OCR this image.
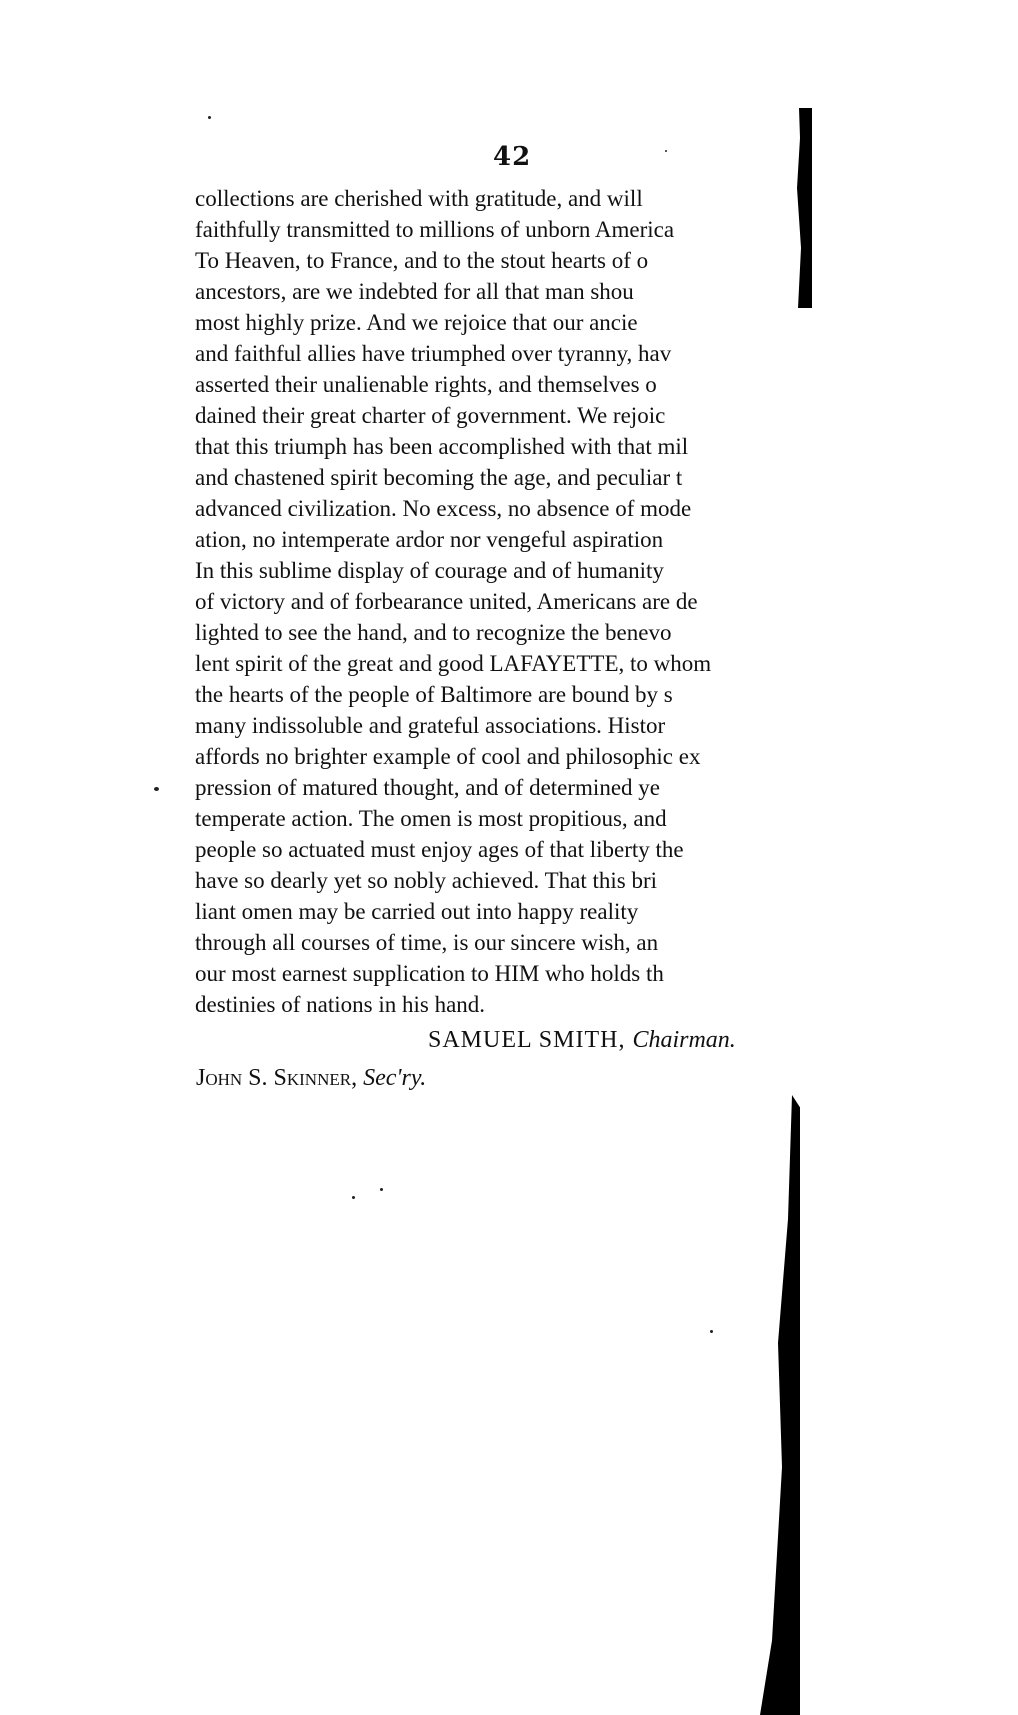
42
collections are cherished with gratitude, and will
faithfully transmitted to millions of unborn America
To Heaven, to France, and to the stout hearts of o
ancestors, are we indebted for all that man shou
most highly prize. And we rejoice that our ancie
and faithful allies have triumphed over tyranny, hav
asserted their unalienable rights, and themselves o
dained their great charter of government. We rejoic
that this triumph has been accomplished with that mil
and chastened spirit becoming the age, and peculiar t
advanced civilization. No excess, no absence of mode
ation, no intemperate ardor nor vengeful aspiration
In this sublime display of courage and of humanity
of victory and of forbearance united, Americans are de
lighted to see the hand, and to recognize the benevo
lent spirit of the great and good LAFAYETTE, to whom
the hearts of the people of Baltimore are bound by s
many indissoluble and grateful associations. Histor
affords no brighter example of cool and philosophic ex
pression of matured thought, and of determined ye
temperate action. The omen is most propitious, and
people so actuated must enjoy ages of that liberty the
have so dearly yet so nobly achieved. That this bri
liant omen may be carried out into happy reality
through all courses of time, is our sincere wish, an
our most earnest supplication to HIM who holds th
destinies of nations in his hand.
SAMUEL SMITH, Chairman.
John S. Skinner, Sec'ry.
